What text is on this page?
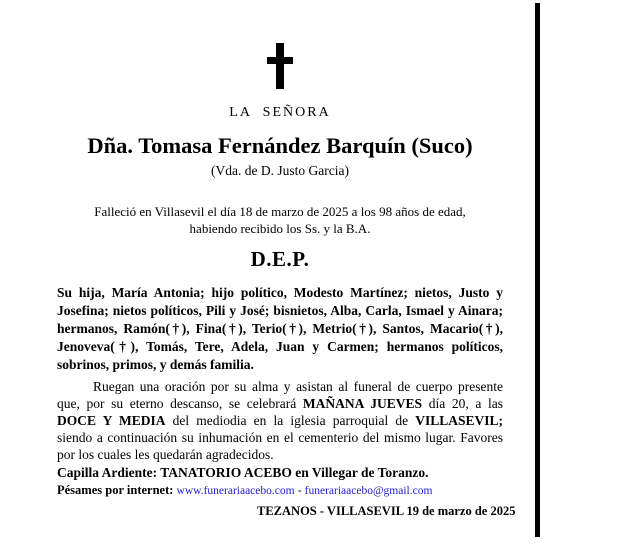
LA SEÑORA
Dña. Tomasa Fernández Barquín (Suco)
(Vda. de D. Justo Garcia)
Falleció en Villasevil el día 18 de marzo de 2025 a los 98 años de edad,
habiendo recibido los Ss. y la B.A.
D.E.P.

Su hija, María Antonia; hijo político, Modesto Martínez; nietos, Justo y Josefina; nietos políticos, Pili y José; bisnietos, Alba, Carla, Ismael y Ainara; hermanos, Ramón(†), Fina(†), Terio(†), Metrio(†), Santos, Macario(†), Jenoveva(†), Tomás, Tere, Adela, Juan y Carmen; hermanos políticos, sobrinos, primos, y demás familia.

Ruegan una oración por su alma y asistan al funeral de cuerpo presente que, por su eterno descanso, se celebrará MAÑANA JUEVES día 20, a las DOCE Y MEDIA del mediodia en la iglesia parroquial de VILLASEVIL; siendo a continuación su inhumación en el cementerio del mismo lugar. Favores por los cuales les quedarán agradecidos.

Capilla Ardiente: TANATORIO ACEBO en Villegar de Toranzo.

Pésames por internet: www.funerariaacebo.com - funerariaacebo@gmail.com

TEZANOS - VILLASEVIL 19 de marzo de 2025
